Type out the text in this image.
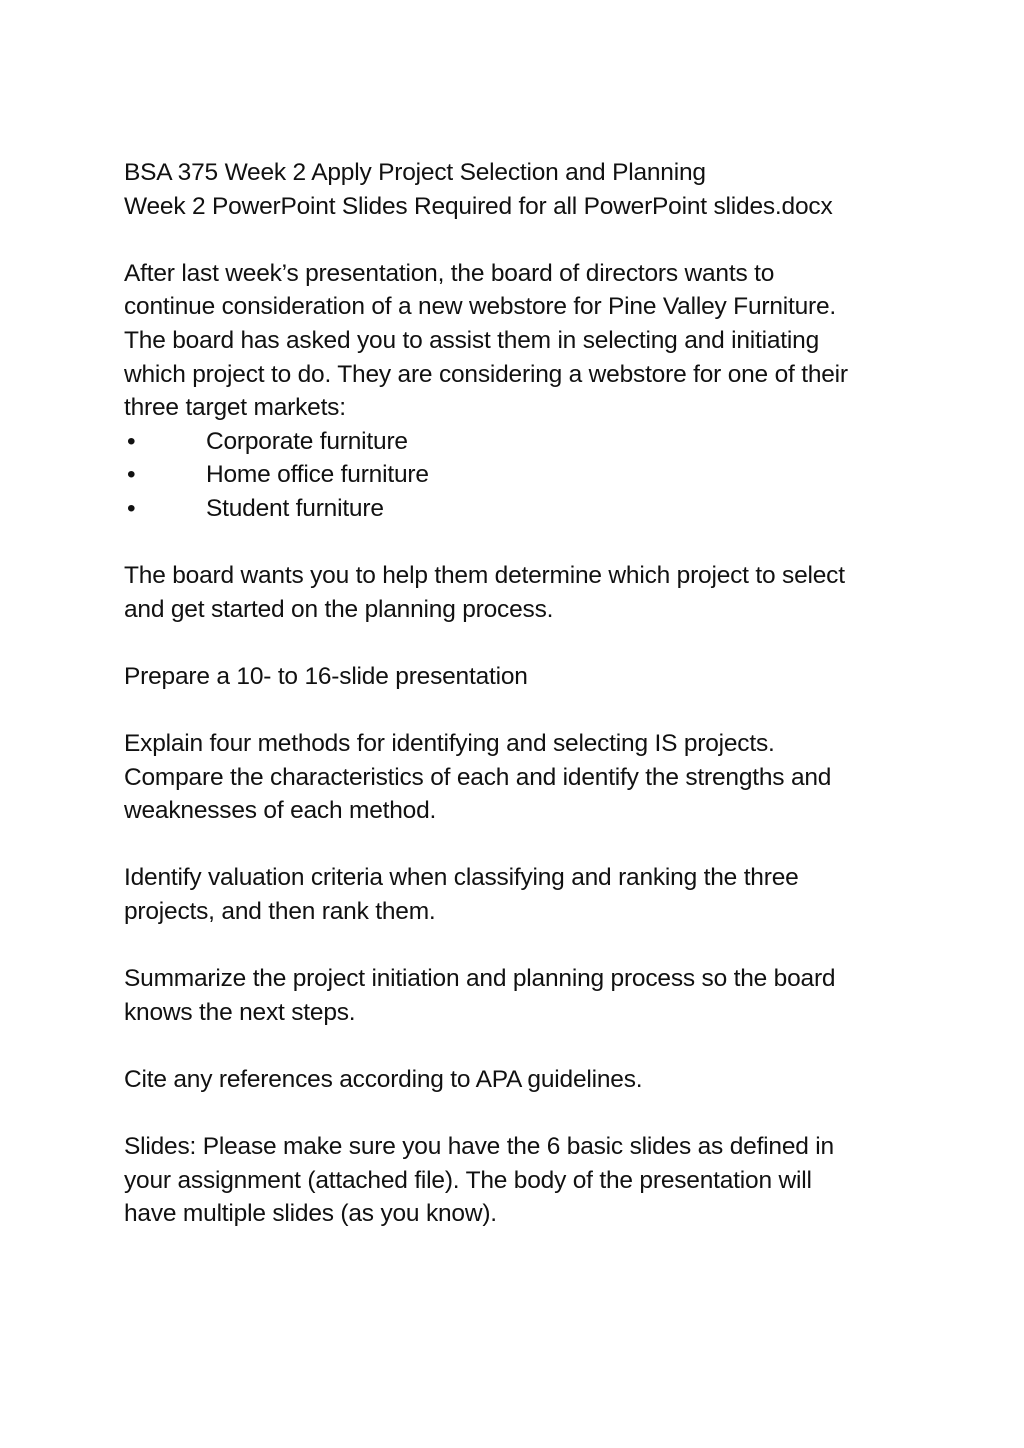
BSA 375 Week 2 Apply Project Selection and Planning
Week 2 PowerPoint Slides Required for all PowerPoint slides.docx
After last week’s presentation, the board of directors wants to
continue consideration of a new webstore for Pine Valley Furniture.
The board has asked you to assist them in selecting and initiating
which project to do. They are considering a webstore for one of their
three target markets:
•	Corporate furniture
•	Home office furniture
•	Student furniture
The board wants you to help them determine which project to select
and get started on the planning process.
Prepare a 10- to 16-slide presentation
Explain four methods for identifying and selecting IS projects.
Compare the characteristics of each and identify the strengths and
weaknesses of each method.
Identify valuation criteria when classifying and ranking the three
projects, and then rank them.
Summarize the project initiation and planning process so the board
knows the next steps.
Cite any references according to APA guidelines.
Slides: Please make sure you have the 6 basic slides as defined in
your assignment (attached file). The body of the presentation will
have multiple slides (as you know).
